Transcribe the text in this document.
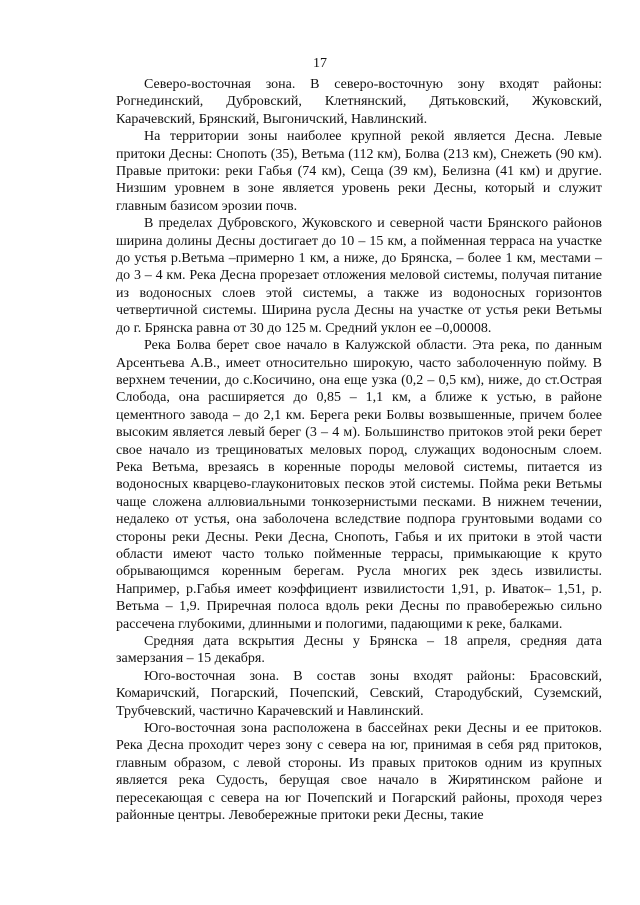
17

Северо-восточная зона. В северо-восточную зону входят районы: Рогнединский, Дубровский, Клетнянский, Дятьковский, Жуковский, Карачевский, Брянский, Выгоничский, Навлинский.

На территории зоны наиболее крупной рекой является Десна. Левые притоки Десны: Снопоть (35), Ветьма (112 км), Болва (213 км), Снежеть (90 км). Правые притоки: реки Габья (74 км), Сещa (39 км), Белизна (41 км) и другие. Низшим уровнем в зоне является уровень реки Десны, который и служит главным базисом эрозии почв.

В пределах Дубровского, Жуковского и северной части Брянского районов ширина долины Десны достигает до 10 – 15 км, а пойменная терраса на участке до устья р.Ветьма –примерно 1 км, а ниже, до Брянска, – более 1 км, местами –до 3 – 4 км. Река Десна прорезает отложения меловой системы, получая питание из водоносных слоев этой системы, а также из водоносных горизонтов четвертичной системы. Ширина русла Десны на участке от устья реки Ветьмы до г. Брянска равна от 30 до 125 м. Средний уклон ее –0,00008.

Река Болва берет свое начало в Калужской области. Эта река, по данным Арсентьева А.В., имеет относительно широкую, часто заболоченную пойму. В верхнем течении, до с.Косичино, она еще узка (0,2 – 0,5 км), ниже, до ст.Острая Слобода, она расширяется до 0,85 – 1,1 км, а ближе к устью, в районе цементного завода – до 2,1 км. Берега реки Болвы возвышенные, причем более высоким является левый берег (3 – 4 м). Большинство притоков этой реки берет свое начало из трещиноватых меловых пород, служащих водоносным слоем. Река Ветьма, врезаясь в коренные породы меловой системы, питается из водоносных кварцево-глауконитовых песков этой системы. Пойма реки Ветьмы чаще сложена аллювиальными тонкозернистыми песками. В нижнем течении, недалеко от устья, она заболочена вследствие подпора грунтовыми водами со стороны реки Десны. Реки Десна, Снопоть, Габья и их притоки в этой части области имеют часто только пойменные террасы, примыкающие к круто обрывающимся коренным берегам. Русла многих рек здесь извилисты. Например, р.Габья имеет коэффициент извилистости 1,91, р. Иваток– 1,51, р. Ветьма – 1,9. Приречная полоса вдоль реки Десны по правобережью сильно рассечена глубокими, длинными и пологими, падающими к реке, балками.

Средняя дата вскрытия Десны у Брянска – 18 апреля, средняя дата замерзания – 15 декабря.

Юго-восточная зона. В состав зоны входят районы: Брасовский, Комаричский, Погарский, Почепский, Севский, Стародубский, Суземский, Трубчевский, частично Карачевский и Навлинский.

Юго-восточная зона расположена в бассейнах реки Десны и ее притоков. Река Десна проходит через зону с севера на юг, принимая в себя ряд притоков, главным образом, с левой стороны. Из правых притоков одним из крупных является река Судость, берущая свое начало в Жирятинском районе и пересекающая с севера на юг Почепский и Погарский районы, проходя через районные центры. Левобережные притоки реки Десны, такие
